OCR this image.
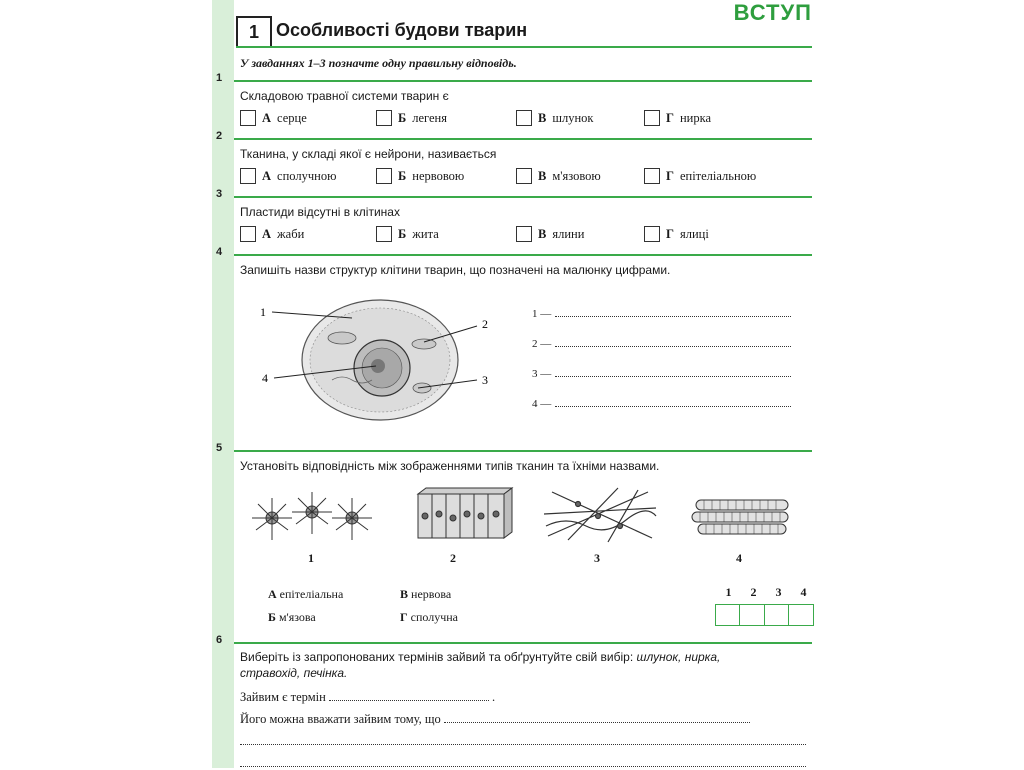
1 Особливості будови тварин
ВСТУП
У завданнях 1–3 позначте одну правильну відповідь.
1
Складовою травної системи тварин є
А серце	Б легеня	В шлунок	Г нирка
2
Тканина, у складі якої є нейрони, називається
А сполучною	Б нервовою	В м'язовою	Г епітеліальною
3
Пластиди відсутні в клітинах
А жаби	Б жита	В ялини	Г ялиці
4
Запишіть назви структур клітини тварин, що позначені на малюнку цифрами.
1
2
4	3
1 —
2 —
3 —
4 —
5
Установіть відповідність між зображеннями типів тканин та їхніми назвами.
1	2	3	4
А епітеліальна	В нервова
Б м'язова	Г сполучна
1	2	3	4
6
Виберіть із запропонованих термінів зайвий та обґрунтуйте свій вибір: шлунок, нирка,
стравохід, печінка.
Зайвим є термін	.
Його можна вважати зайвим тому, що
